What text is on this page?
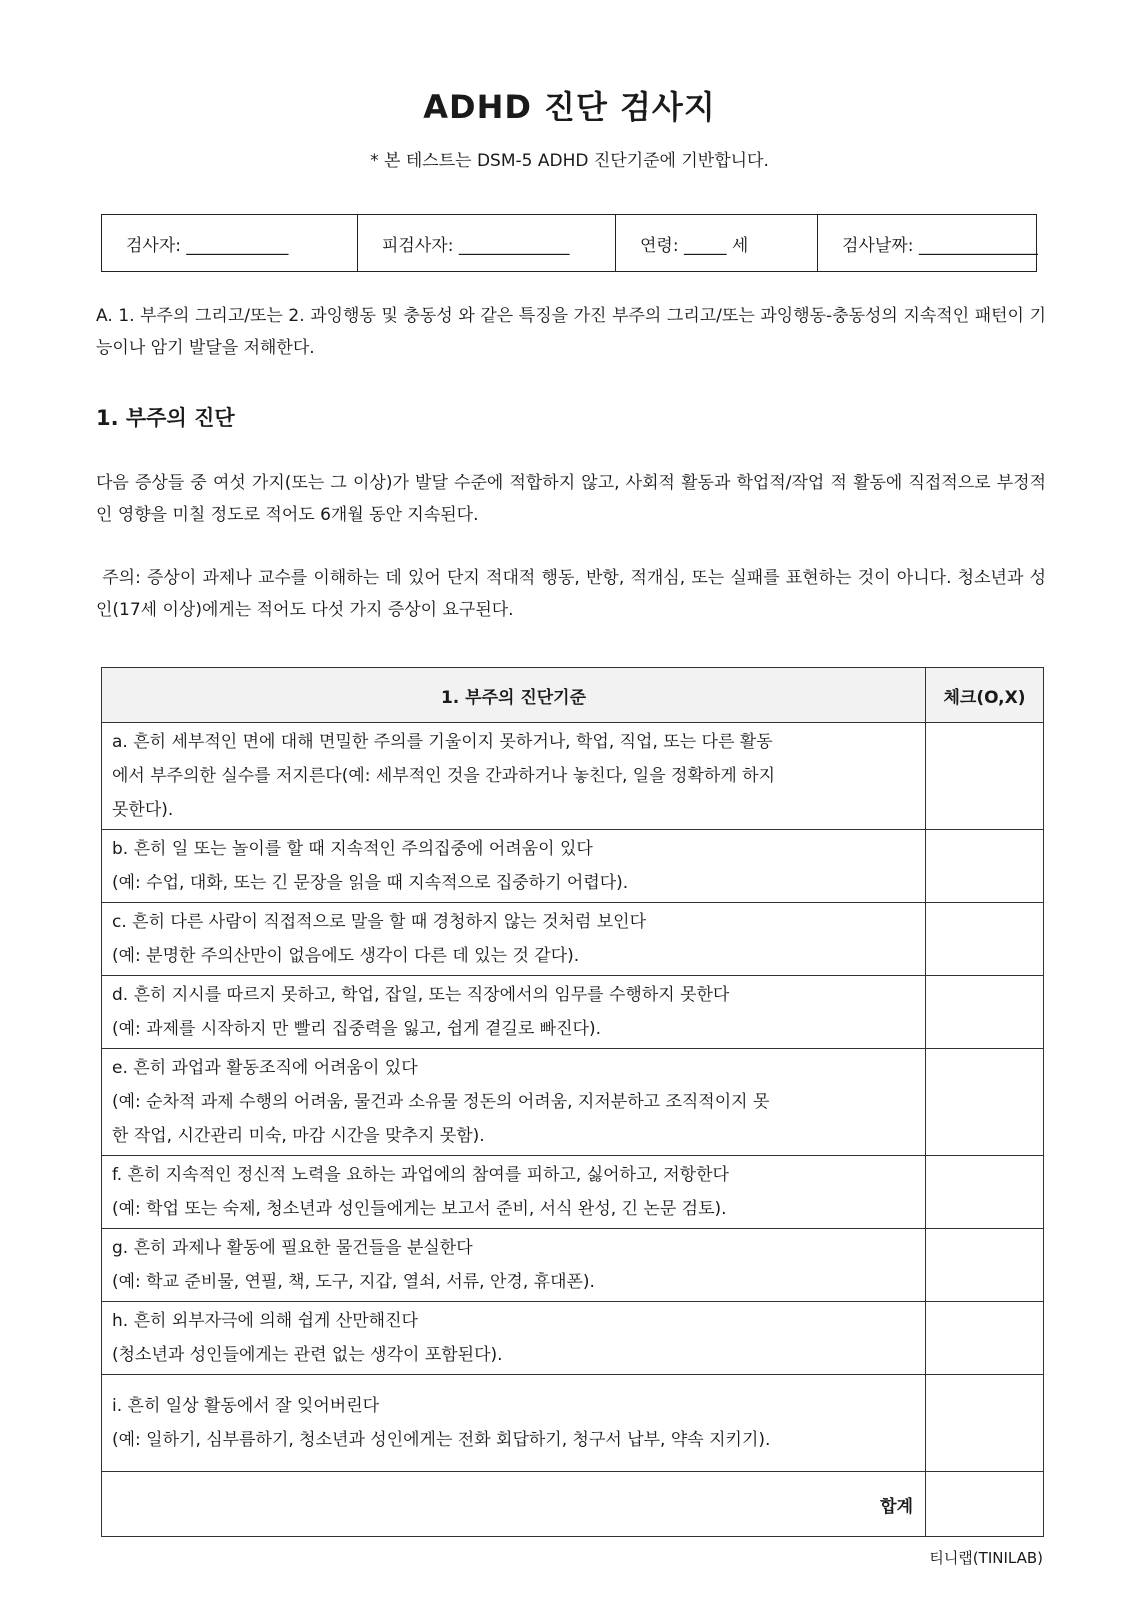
ADHD 진단 검사지

* 본 테스트는 DSM-5 ADHD 진단기준에 기반합니다.

검사자: ____________	피검사자: _____________	연령: _____ 세	검사날짜: ______________

A. 1. 부주의 그리고/또는 2. 과잉행동 및 충동성 와 같은 특징을 가진 부주의 그리고/또는 과잉행동-충동성의 지속적인 패턴이 기능이나 암기 발달을 저해한다.

1. 부주의 진단

다음 증상들 중 여섯 가지(또는 그 이상)가 발달 수준에 적합하지 않고, 사회적 활동과 학업적/작업 적 활동에 직접적으로 부정적인 영향을 미칠 정도로 적어도 6개월 동안 지속된다.

주의: 증상이 과제나 교수를 이해하는 데 있어 단지 적대적 행동, 반항, 적개심, 또는 실패를 표현하는 것이 아니다. 청소년과 성인(17세 이상)에게는 적어도 다섯 가지 증상이 요구된다.

1. 부주의 진단기준	체크(O,X)

a. 흔히 세부적인 면에 대해 면밀한 주의를 기울이지 못하거나, 학업, 직업, 또는 다른 활동
에서 부주의한 실수를 저지른다(예: 세부적인 것을 간과하거나 놓친다, 일을 정확하게 하지
못한다).	

b. 흔히 일 또는 놀이를 할 때 지속적인 주의집중에 어려움이 있다
(예: 수업, 대화, 또는 긴 문장을 읽을 때 지속적으로 집중하기 어렵다).	

c. 흔히 다른 사람이 직접적으로 말을 할 때 경청하지 않는 것처럼 보인다
(예: 분명한 주의산만이 없음에도 생각이 다른 데 있는 것 같다).	

d. 흔히 지시를 따르지 못하고, 학업, 잡일, 또는 직장에서의 임무를 수행하지 못한다
(예: 과제를 시작하지 만 빨리 집중력을 잃고, 쉽게 곁길로 빠진다).	

e. 흔히 과업과 활동조직에 어려움이 있다
(예: 순차적 과제 수행의 어려움, 물건과 소유물 정돈의 어려움, 지저분하고 조직적이지 못
한 작업, 시간관리 미숙, 마감 시간을 맞추지 못함).	

f. 흔히 지속적인 정신적 노력을 요하는 과업에의 참여를 피하고, 싫어하고, 저항한다
(예: 학업 또는 숙제, 청소년과 성인들에게는 보고서 준비, 서식 완성, 긴 논문 검토).	

g. 흔히 과제나 활동에 필요한 물건들을 분실한다
(예: 학교 준비물, 연필, 책, 도구, 지갑, 열쇠, 서류, 안경, 휴대폰).	

h. 흔히 외부자극에 의해 쉽게 산만해진다
(청소년과 성인들에게는 관련 없는 생각이 포함된다).	

i. 흔히 일상 활동에서 잘 잊어버린다
(예: 일하기, 심부름하기, 청소년과 성인에게는 전화 회답하기, 청구서 납부, 약속 지키기).	

합계	

티니랩(TINILAB)
